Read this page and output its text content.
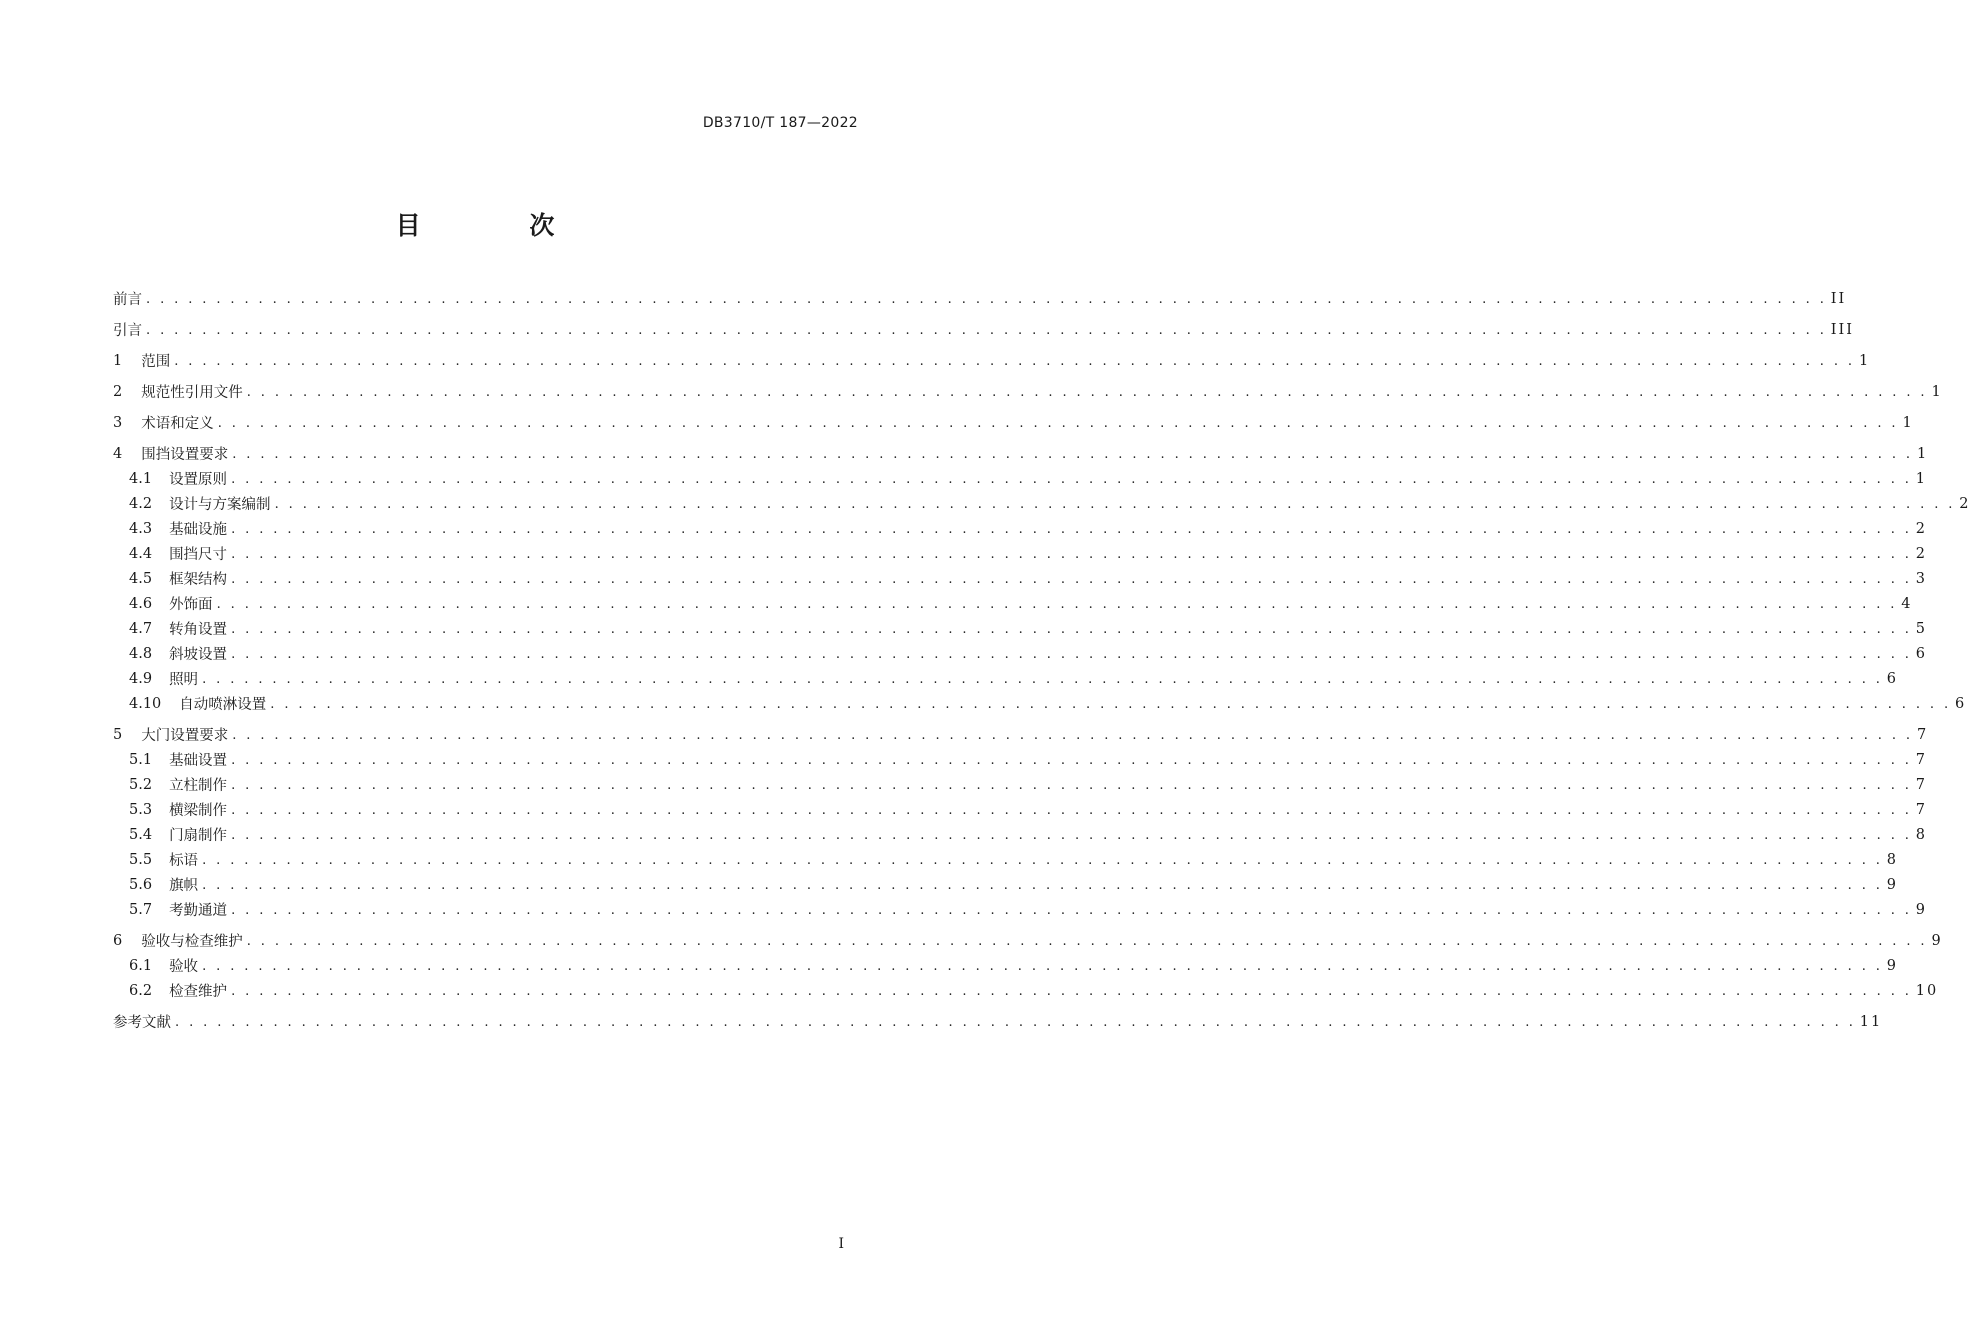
DB3710/T 187—2022
目 次
前言 . . . . . . . . . . . . . . . . . . . . . . . . . . . . . . . . . . . . . . . . . . . . . . . . . . . . . . . . . . . . . . . . . . . . . . . . . . . . . . . . . . . . . . . . . . . . . . . . . . . . . . . . . . . . . . . . . . . . . . . . II
引言 . . . . . . . . . . . . . . . . . . . . . . . . . . . . . . . . . . . . . . . . . . . . . . . . . . . . . . . . . . . . . . . . . . . . . . . . . . . . . . . . . . . . . . . . . . . . . . . . . . . . . . . . . . . . . . . . . . . . . . . . III
1 范围 . . . . . . . . . . . . . . . . . . . . . . . . . . . . . . . . . . . . . . . . . . . . . . . . . . . . . . . . . . . . . . . . . . . . . . . . . . . . . . . . . . . . . . . . . . . . . . . . . . . . . . . . . . . . . . . . . . . . . . . . 1
2 规范性引用文件 . . . . . . . . . . . . . . . . . . . . . . . . . . . . . . . . . . . . . . . . . . . . . . . . . . . . . . . . . . . . . . . . . . . . . . . . . . . . . . . . . . . . . . . . . . . . . . . . . . . . . . . . . . . . . . . . . . . . . . . . 1
3 术语和定义 . . . . . . . . . . . . . . . . . . . . . . . . . . . . . . . . . . . . . . . . . . . . . . . . . . . . . . . . . . . . . . . . . . . . . . . . . . . . . . . . . . . . . . . . . . . . . . . . . . . . . . . . . . . . . . . . . . . . . . . . 1
4 围挡设置要求 . . . . . . . . . . . . . . . . . . . . . . . . . . . . . . . . . . . . . . . . . . . . . . . . . . . . . . . . . . . . . . . . . . . . . . . . . . . . . . . . . . . . . . . . . . . . . . . . . . . . . . . . . . . . . . . . . . . . . . . . 1
4.1 设置原则 . . . . . . . . . . . . . . . . . . . . . . . . . . . . . . . . . . . . . . . . . . . . . . . . . . . . . . . . . . . . . . . . . . . . . . . . . . . . . . . . . . . . . . . . . . . . . . . . . . . . . . . . . . . . . . . . . . . . . . . . 1
4.2 设计与方案编制 . . . . . . . . . . . . . . . . . . . . . . . . . . . . . . . . . . . . . . . . . . . . . . . . . . . . . . . . . . . . . . . . . . . . . . . . . . . . . . . . . . . . . . . . . . . . . . . . . . . . . . . . . . . . . . . . . . . . . . . . 2
4.3 基础设施 . . . . . . . . . . . . . . . . . . . . . . . . . . . . . . . . . . . . . . . . . . . . . . . . . . . . . . . . . . . . . . . . . . . . . . . . . . . . . . . . . . . . . . . . . . . . . . . . . . . . . . . . . . . . . . . . . . . . . . . . 2
4.4 围挡尺寸 . . . . . . . . . . . . . . . . . . . . . . . . . . . . . . . . . . . . . . . . . . . . . . . . . . . . . . . . . . . . . . . . . . . . . . . . . . . . . . . . . . . . . . . . . . . . . . . . . . . . . . . . . . . . . . . . . . . . . . . . 2
4.5 框架结构 . . . . . . . . . . . . . . . . . . . . . . . . . . . . . . . . . . . . . . . . . . . . . . . . . . . . . . . . . . . . . . . . . . . . . . . . . . . . . . . . . . . . . . . . . . . . . . . . . . . . . . . . . . . . . . . . . . . . . . . . 3
4.6 外饰面 . . . . . . . . . . . . . . . . . . . . . . . . . . . . . . . . . . . . . . . . . . . . . . . . . . . . . . . . . . . . . . . . . . . . . . . . . . . . . . . . . . . . . . . . . . . . . . . . . . . . . . . . . . . . . . . . . . . . . . . . 4
4.7 转角设置 . . . . . . . . . . . . . . . . . . . . . . . . . . . . . . . . . . . . . . . . . . . . . . . . . . . . . . . . . . . . . . . . . . . . . . . . . . . . . . . . . . . . . . . . . . . . . . . . . . . . . . . . . . . . . . . . . . . . . . . . 5
4.8 斜坡设置 . . . . . . . . . . . . . . . . . . . . . . . . . . . . . . . . . . . . . . . . . . . . . . . . . . . . . . . . . . . . . . . . . . . . . . . . . . . . . . . . . . . . . . . . . . . . . . . . . . . . . . . . . . . . . . . . . . . . . . . . 6
4.9 照明 . . . . . . . . . . . . . . . . . . . . . . . . . . . . . . . . . . . . . . . . . . . . . . . . . . . . . . . . . . . . . . . . . . . . . . . . . . . . . . . . . . . . . . . . . . . . . . . . . . . . . . . . . . . . . . . . . . . . . . . . 6
4.10 自动喷淋设置 . . . . . . . . . . . . . . . . . . . . . . . . . . . . . . . . . . . . . . . . . . . . . . . . . . . . . . . . . . . . . . . . . . . . . . . . . . . . . . . . . . . . . . . . . . . . . . . . . . . . . . . . . . . . . . . . . . . . . . . . 6
5 大门设置要求 . . . . . . . . . . . . . . . . . . . . . . . . . . . . . . . . . . . . . . . . . . . . . . . . . . . . . . . . . . . . . . . . . . . . . . . . . . . . . . . . . . . . . . . . . . . . . . . . . . . . . . . . . . . . . . . . . . . . . . . . 7
5.1 基础设置 . . . . . . . . . . . . . . . . . . . . . . . . . . . . . . . . . . . . . . . . . . . . . . . . . . . . . . . . . . . . . . . . . . . . . . . . . . . . . . . . . . . . . . . . . . . . . . . . . . . . . . . . . . . . . . . . . . . . . . . . 7
5.2 立柱制作 . . . . . . . . . . . . . . . . . . . . . . . . . . . . . . . . . . . . . . . . . . . . . . . . . . . . . . . . . . . . . . . . . . . . . . . . . . . . . . . . . . . . . . . . . . . . . . . . . . . . . . . . . . . . . . . . . . . . . . . . 7
5.3 横梁制作 . . . . . . . . . . . . . . . . . . . . . . . . . . . . . . . . . . . . . . . . . . . . . . . . . . . . . . . . . . . . . . . . . . . . . . . . . . . . . . . . . . . . . . . . . . . . . . . . . . . . . . . . . . . . . . . . . . . . . . . . 7
5.4 门扇制作 . . . . . . . . . . . . . . . . . . . . . . . . . . . . . . . . . . . . . . . . . . . . . . . . . . . . . . . . . . . . . . . . . . . . . . . . . . . . . . . . . . . . . . . . . . . . . . . . . . . . . . . . . . . . . . . . . . . . . . . . 8
5.5 标语 . . . . . . . . . . . . . . . . . . . . . . . . . . . . . . . . . . . . . . . . . . . . . . . . . . . . . . . . . . . . . . . . . . . . . . . . . . . . . . . . . . . . . . . . . . . . . . . . . . . . . . . . . . . . . . . . . . . . . . . . 8
5.6 旗帜 . . . . . . . . . . . . . . . . . . . . . . . . . . . . . . . . . . . . . . . . . . . . . . . . . . . . . . . . . . . . . . . . . . . . . . . . . . . . . . . . . . . . . . . . . . . . . . . . . . . . . . . . . . . . . . . . . . . . . . . . 9
5.7 考勤通道 . . . . . . . . . . . . . . . . . . . . . . . . . . . . . . . . . . . . . . . . . . . . . . . . . . . . . . . . . . . . . . . . . . . . . . . . . . . . . . . . . . . . . . . . . . . . . . . . . . . . . . . . . . . . . . . . . . . . . . . . 9
6 验收与检查维护 . . . . . . . . . . . . . . . . . . . . . . . . . . . . . . . . . . . . . . . . . . . . . . . . . . . . . . . . . . . . . . . . . . . . . . . . . . . . . . . . . . . . . . . . . . . . . . . . . . . . . . . . . . . . . . . . . . . . . . . . 9
6.1 验收 . . . . . . . . . . . . . . . . . . . . . . . . . . . . . . . . . . . . . . . . . . . . . . . . . . . . . . . . . . . . . . . . . . . . . . . . . . . . . . . . . . . . . . . . . . . . . . . . . . . . . . . . . . . . . . . . . . . . . . . . 9
6.2 检查维护 . . . . . . . . . . . . . . . . . . . . . . . . . . . . . . . . . . . . . . . . . . . . . . . . . . . . . . . . . . . . . . . . . . . . . . . . . . . . . . . . . . . . . . . . . . . . . . . . . . . . . . . . . . . . . . . . . . . . . . . . 10
参考文献 . . . . . . . . . . . . . . . . . . . . . . . . . . . . . . . . . . . . . . . . . . . . . . . . . . . . . . . . . . . . . . . . . . . . . . . . . . . . . . . . . . . . . . . . . . . . . . . . . . . . . . . . . . . . . . . . . . . . . . . . 11
I
